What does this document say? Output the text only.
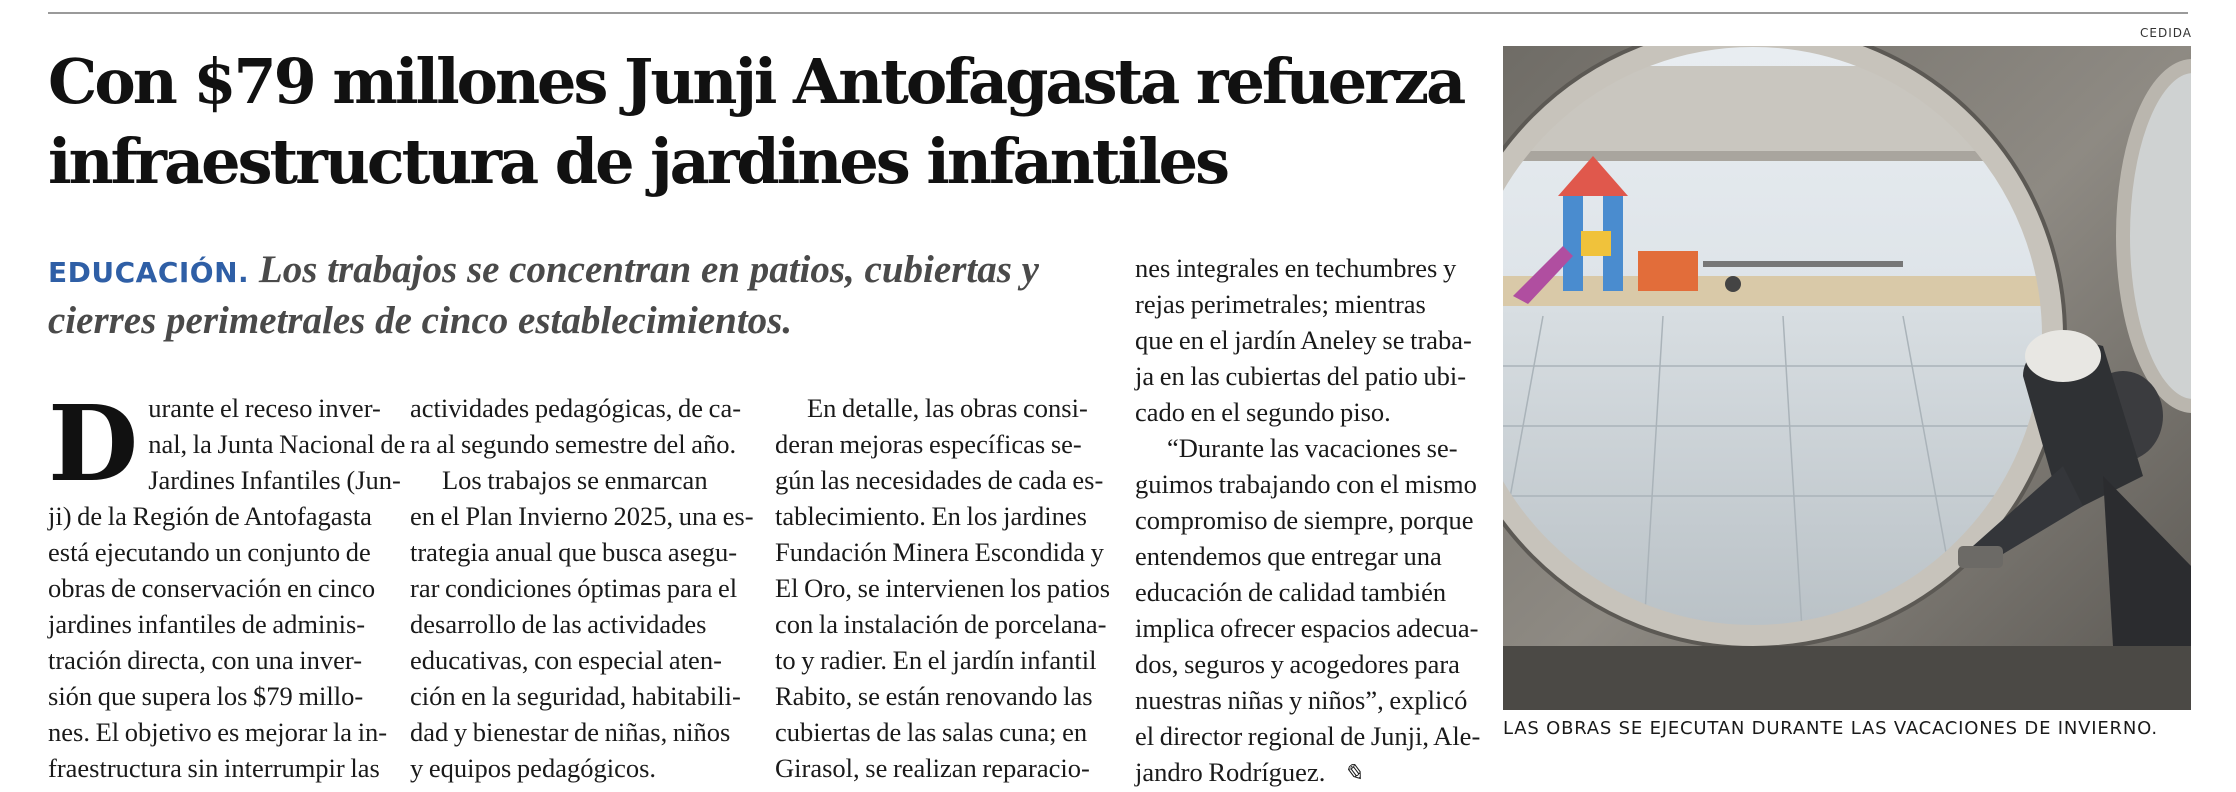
CEDIDA
Con $79 millones Junji Antofagasta refuerza
infraestructura de jardines infantiles
EDUCACIÓN. Los trabajos se concentran en patios, cubiertas y cierres perimetrales de cinco establecimientos.
D urante el receso inver-
nal, la Junta Nacional de
Jardines Infantiles (Jun-
ji) de la Región de Antofagasta
está ejecutando un conjunto de
obras de conservación en cinco
jardines infantiles de adminis-
tración directa, con una inver-
sión que supera los $79 millo-
nes. El objetivo es mejorar la in-
fraestructura sin interrumpir las
actividades pedagógicas, de ca-
ra al segundo semestre del año.
Los trabajos se enmarcan
en el Plan Invierno 2025, una es-
trategia anual que busca asegu-
rar condiciones óptimas para el
desarrollo de las actividades
educativas, con especial aten-
ción en la seguridad, habitabili-
dad y bienestar de niñas, niños
y equipos pedagógicos.
En detalle, las obras consi-
deran mejoras específicas se-
gún las necesidades de cada es-
tablecimiento. En los jardines
Fundación Minera Escondida y
El Oro, se intervienen los patios
con la instalación de porcelana-
to y radier. En el jardín infantil
Rabito, se están renovando las
cubiertas de las salas cuna; en
Girasol, se realizan reparacio-
nes integrales en techumbres y
rejas perimetrales; mientras
que en el jardín Aneley se traba-
ja en las cubiertas del patio ubi-
cado en el segundo piso.
“Durante las vacaciones se-
guimos trabajando con el mismo
compromiso de siempre, porque
entendemos que entregar una
educación de calidad también
implica ofrecer espacios adecua-
dos, seguros y acogedores para
nuestras niñas y niños”, explicó
el director regional de Junji, Ale-
jandro Rodríguez. ✎
LAS OBRAS SE EJECUTAN DURANTE LAS VACACIONES DE INVIERNO.
